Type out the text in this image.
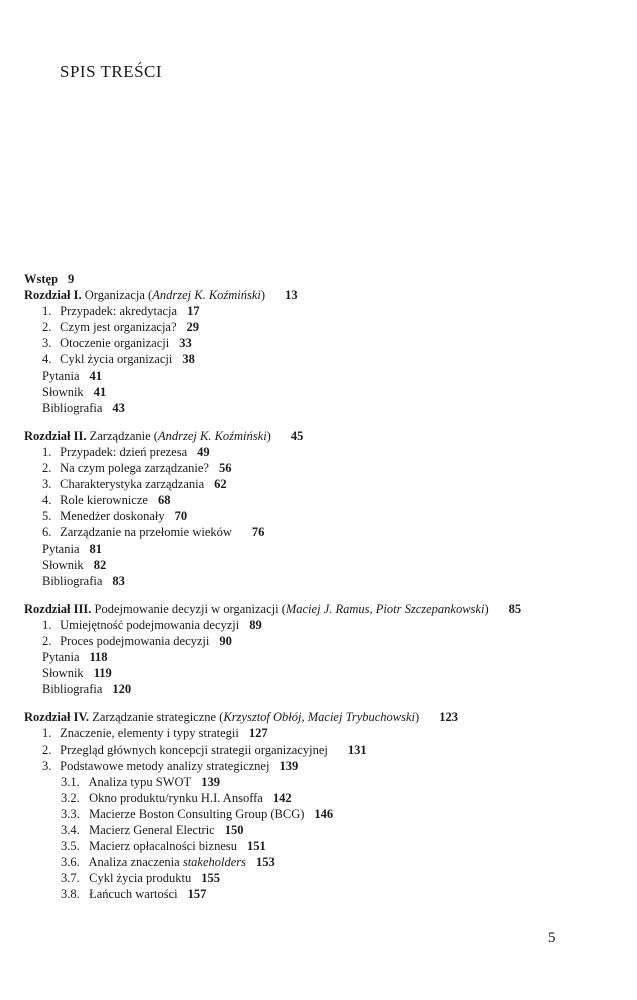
SPIS TREŚCI
Wstęp 9
Rozdział I. Organizacja (Andrzej K. Koźmiński) 13
1. Przypadek: akredytacja 17
2. Czym jest organizacja? 29
3. Otoczenie organizacji 33
4. Cykl życia organizacji 38
Pytania 41
Słownik 41
Bibliografia 43
Rozdział II. Zarządzanie (Andrzej K. Koźmiński) 45
1. Przypadek: dzień prezesa 49
2. Na czym polega zarządzanie? 56
3. Charakterystyka zarządzania 62
4. Role kierownicze 68
5. Menedżer doskonały 70
6. Zarządzanie na przełomie wieków 76
Pytania 81
Słownik 82
Bibliografia 83
Rozdział III. Podejmowanie decyzji w organizacji (Maciej J. Ramus, Piotr Szczepankowski) 85
1. Umiejętność podejmowania decyzji 89
2. Proces podejmowania decyzji 90
Pytania 118
Słownik 119
Bibliografia 120
Rozdział IV. Zarządzanie strategiczne (Krzysztof Obłój, Maciej Trybuchowski) 123
1. Znaczenie, elementy i typy strategii 127
2. Przegląd głównych koncepcji strategii organizacyjnej 131
3. Podstawowe metody analizy strategicznej 139
3.1. Analiza typu SWOT 139
3.2. Okno produktu/rynku H.I. Ansoffa 142
3.3. Macierze Boston Consulting Group (BCG) 146
3.4. Macierz General Electric 150
3.5. Macierz opłacalności biznesu 151
3.6. Analiza znaczenia stakeholders 153
3.7. Cykl życia produktu 155
3.8. Łańcuch wartości 157
5
